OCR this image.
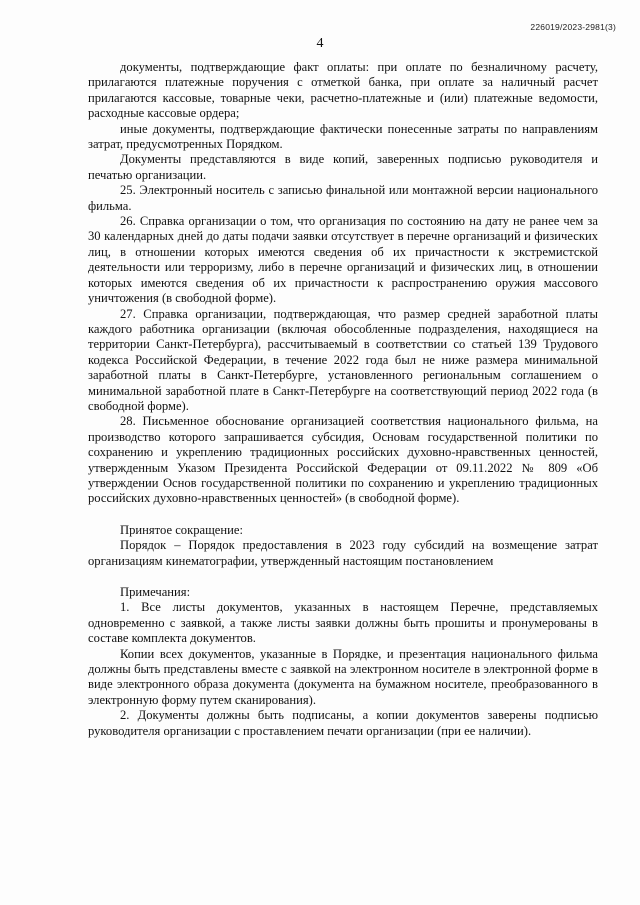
226019/2023-2981(3)
4

документы, подтверждающие факт оплаты: при оплате по безналичному расчету, прилагаются платежные поручения с отметкой банка, при оплате за наличный расчет прилагаются кассовые, товарные чеки, расчетно-платежные и (или) платежные ведомости, расходные кассовые ордера;

иные документы, подтверждающие фактически понесенные затраты по направлениям затрат, предусмотренных Порядком.

Документы представляются в виде копий, заверенных подписью руководителя и печатью организации.

25. Электронный носитель с записью финальной или монтажной версии национального фильма.

26. Справка организации о том, что организация по состоянию на дату не ранее чем за 30 календарных дней до даты подачи заявки отсутствует в перечне организаций и физических лиц, в отношении которых имеются сведения об их причастности к экстремистской деятельности или терроризму, либо в перечне организаций и физических лиц, в отношении которых имеются сведения об их причастности к распространению оружия массового уничтожения (в свободной форме).

27. Справка организации, подтверждающая, что размер средней заработной платы каждого работника организации (включая обособленные подразделения, находящиеся на территории Санкт-Петербурга), рассчитываемый в соответствии со статьей 139 Трудового кодекса Российской Федерации, в течение 2022 года был не ниже размера минимальной заработной платы в Санкт-Петербурге, установленного региональным соглашением о минимальной заработной плате в Санкт-Петербурге на соответствующий период 2022 года (в свободной форме).

28. Письменное обоснование организацией соответствия национального фильма, на производство которого запрашивается субсидия, Основам государственной политики по сохранению и укреплению традиционных российских духовно-нравственных ценностей, утвержденным Указом Президента Российской Федерации от 09.11.2022 № 809 «Об утверждении Основ государственной политики по сохранению и укреплению традиционных российских духовно-нравственных ценностей» (в свободной форме).

Принятое сокращение:

Порядок – Порядок предоставления в 2023 году субсидий на возмещение затрат организациям кинематографии, утвержденный настоящим постановлением

Примечания:

1. Все листы документов, указанных в настоящем Перечне, представляемых одновременно с заявкой, а также листы заявки должны быть прошиты и пронумерованы в составе комплекта документов.

Копии всех документов, указанные в Порядке, и презентация национального фильма должны быть представлены вместе с заявкой на электронном носителе в электронной форме в виде электронного образа документа (документа на бумажном носителе, преобразованного в электронную форму путем сканирования).

2. Документы должны быть подписаны, а копии документов заверены подписью руководителя организации с проставлением печати организации (при ее наличии).
